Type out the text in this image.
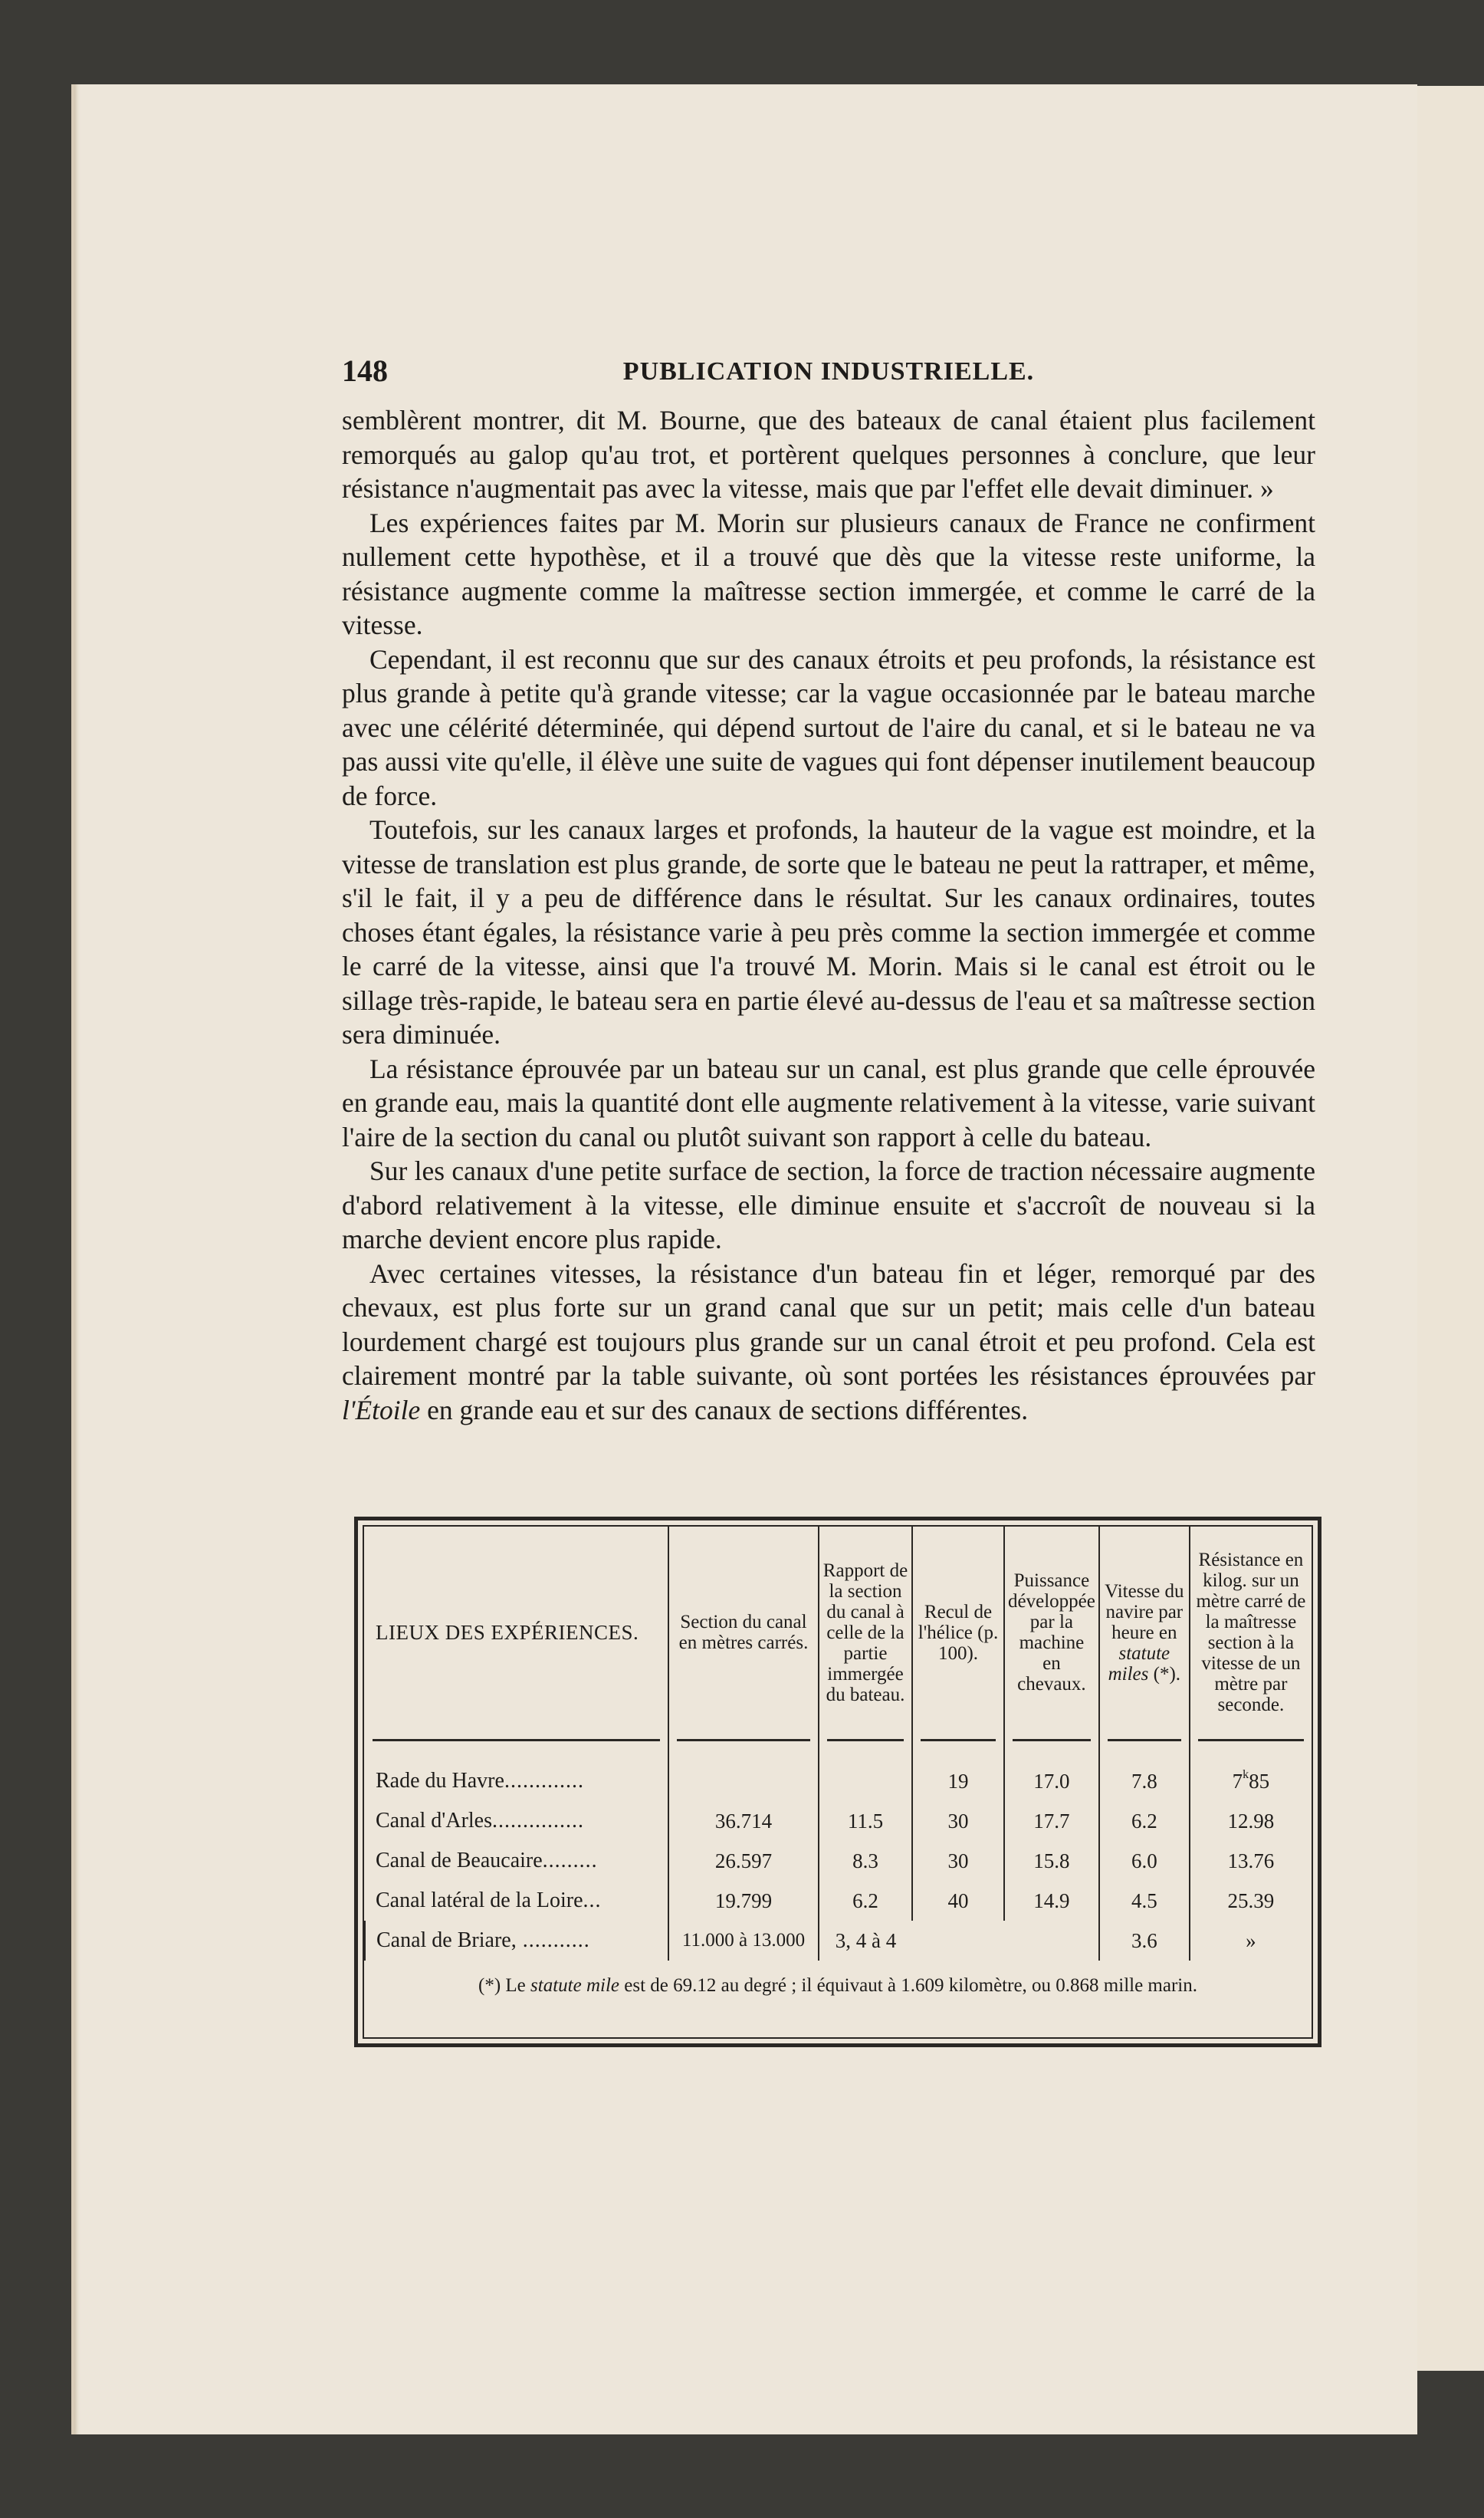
148	PUBLICATION INDUSTRIELLE.

semblèrent montrer, dit M. Bourne, que des bateaux de canal étaient plus facilement remorqués au galop qu'au trot, et portèrent quelques personnes à conclure, que leur résistance n'augmentait pas avec la vitesse, mais que par l'effet elle devait diminuer. »

Les expériences faites par M. Morin sur plusieurs canaux de France ne confirment nullement cette hypothèse, et il a trouvé que dès que la vitesse reste uniforme, la résistance augmente comme la maîtresse section immergée, et comme le carré de la vitesse.

Cependant, il est reconnu que sur des canaux étroits et peu profonds, la résistance est plus grande à petite qu'à grande vitesse; car la vague occasionnée par le bateau marche avec une célérité déterminée, qui dépend surtout de l'aire du canal, et si le bateau ne va pas aussi vite qu'elle, il élève une suite de vagues qui font dépenser inutilement beaucoup de force.

Toutefois, sur les canaux larges et profonds, la hauteur de la vague est moindre, et la vitesse de translation est plus grande, de sorte que le bateau ne peut la rattraper, et même, s'il le fait, il y a peu de différence dans le résultat. Sur les canaux ordinaires, toutes choses étant égales, la résistance varie à peu près comme la section immergée et comme le carré de la vitesse, ainsi que l'a trouvé M. Morin. Mais si le canal est étroit ou le sillage très-rapide, le bateau sera en partie élevé au-dessus de l'eau et sa maîtresse section sera diminuée.

La résistance éprouvée par un bateau sur un canal, est plus grande que celle éprouvée en grande eau, mais la quantité dont elle augmente relativement à la vitesse, varie suivant l'aire de la section du canal ou plutôt suivant son rapport à celle du bateau.

Sur les canaux d'une petite surface de section, la force de traction nécessaire augmente d'abord relativement à la vitesse, elle diminue ensuite et s'accroît de nouveau si la marche devient encore plus rapide.

Avec certaines vitesses, la résistance d'un bateau fin et léger, remorqué par des chevaux, est plus forte sur un grand canal que sur un petit; mais celle d'un bateau lourdement chargé est toujours plus grande sur un canal étroit et peu profond. Cela est clairement montré par la table suivante, où sont portées les résistances éprouvées par l'Étoile en grande eau et sur des canaux de sections différentes.

LIEUX DES EXPÉRIENCES.	Section du canal en mètres carrés.	Rapport de la section du canal à celle de la partie immergée du bateau.	Recul de l'hélice (p. 100).	Puissance développée par la machine en chevaux.	Vitesse du navire par heure en statute miles (*).	Résistance en kilog. sur un mètre carré de la maîtresse section à la vitesse de un mètre par seconde.

Rade du Havre.............			19	17.0	7.8	7$^k$85
Canal d'Arles...............	36.714	11.5	30	17.7	6.2	12.98
Canal de Beaucaire.........	26.597	8.3	30	15.8	6.0	13.76
Canal latéral de la Loire...	19.799	6.2	40	14.9	4.5	25.39
Canal de Briare, ...........	11.000 à 13.000	3, 4 à 4			3.6	»
(*) Le statute mile est de 69.12 au degré ; il équivaut à 1.609 kilomètre, ou 0.868 mille marin.
